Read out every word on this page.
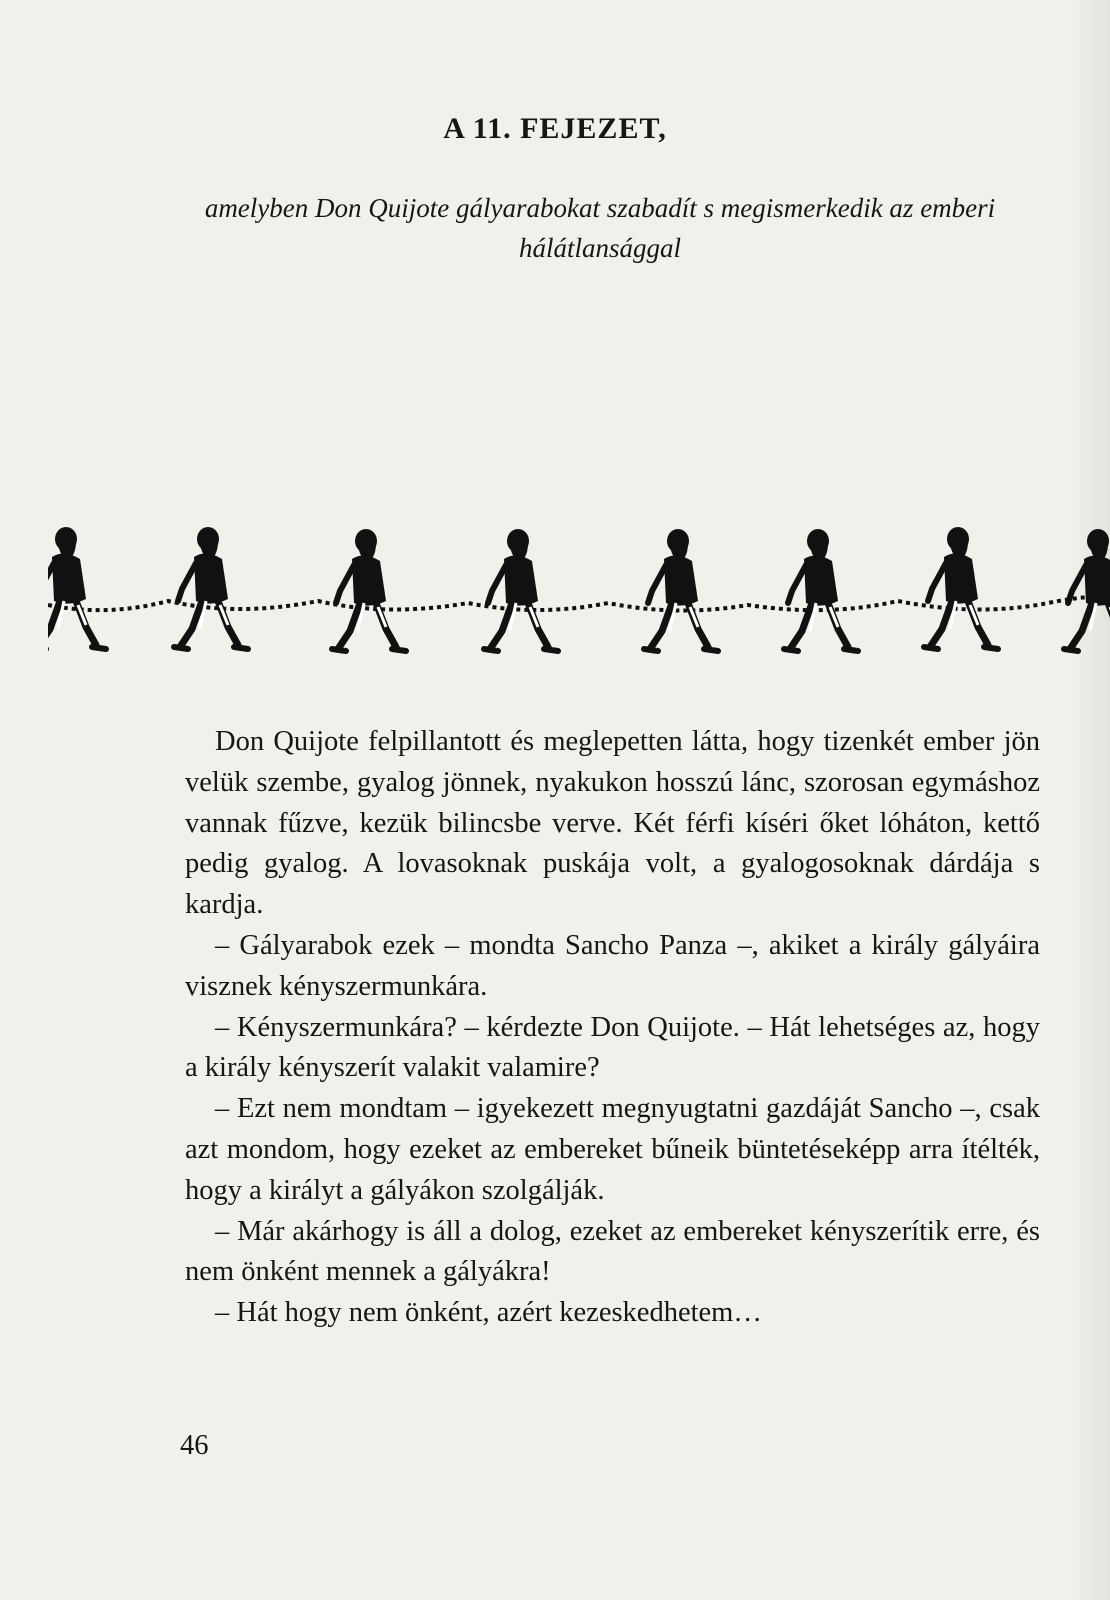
A 11. FEJEZET,

amelyben Don Quijote gályarabokat szabadít s megismerkedik az emberi hálátlansággal

Don Quijote felpillantott és meglepetten látta, hogy tizenkét ember jön velük szembe, gyalog jönnek, nyakukon hosszú lánc, szorosan egymáshoz vannak fűzve, kezük bilincsbe verve. Két férfi kíséri őket lóháton, kettő pedig gyalog. A lovasoknak puskája volt, a gyalogosoknak dárdája s kardja.

– Gályarabok ezek – mondta Sancho Panza –, akiket a király gályáira visznek kényszermunkára.

– Kényszermunkára? – kérdezte Don Quijote. – Hát lehetséges az, hogy a király kényszerít valakit valamire?

– Ezt nem mondtam – igyekezett megnyugtatni gazdáját Sancho –, csak azt mondom, hogy ezeket az embereket bűneik büntetéseképp arra ítélték, hogy a királyt a gályákon szolgálják.

– Már akárhogy is áll a dolog, ezeket az embereket kényszerítik erre, és nem önként mennek a gályákra!

– Hát hogy nem önként, azért kezeskedhetem…

46
